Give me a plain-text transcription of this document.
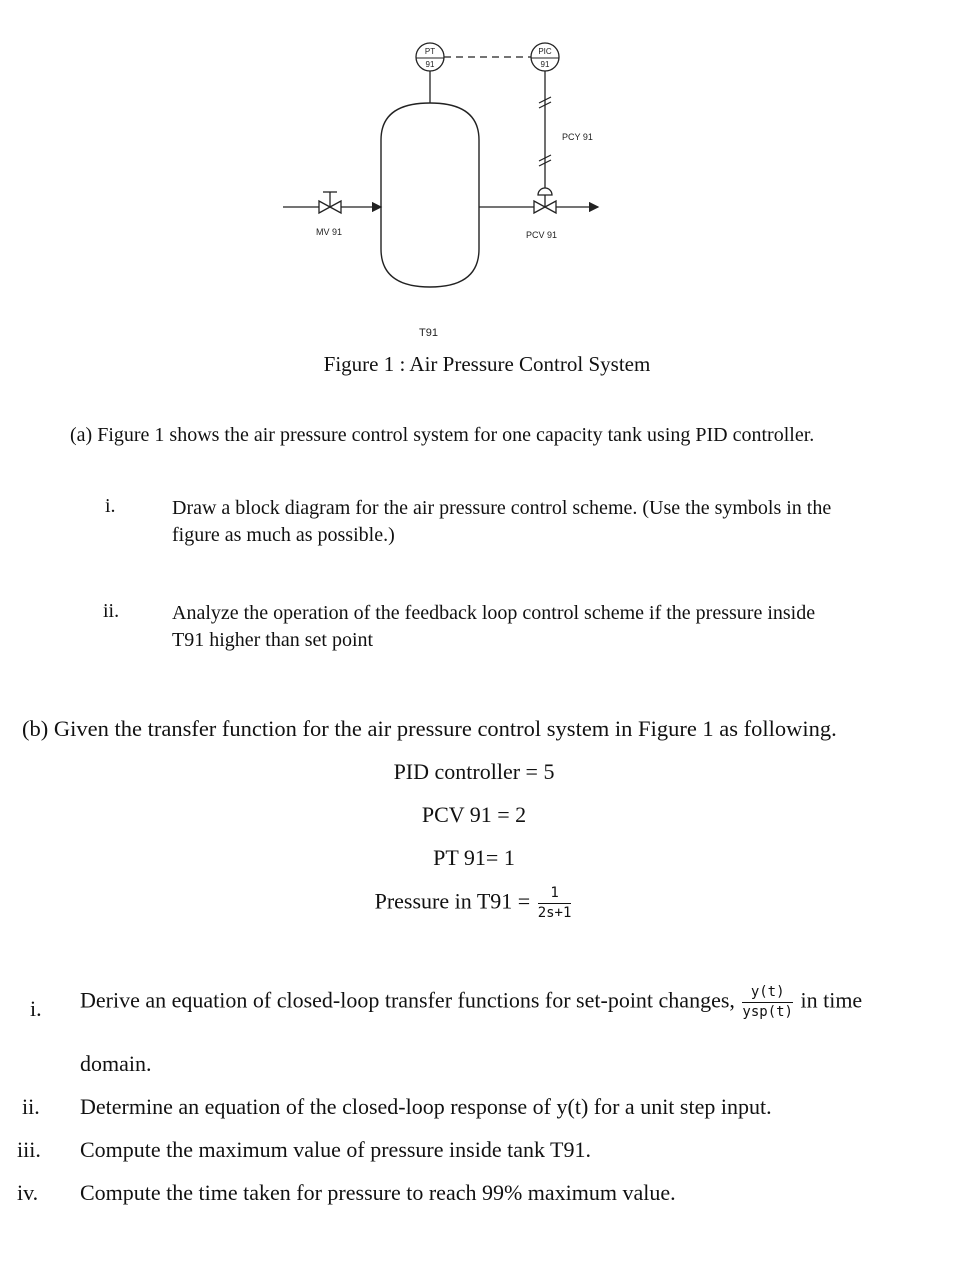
PT
91
PIC
91
PCY 91
MV 91	PCV 91
T91
Figure 1 : Air Pressure Control System
(a) Figure 1 shows the air pressure control system for one capacity tank using PID controller.
i.	Draw a block diagram for the air pressure control scheme. (Use the symbols in the
figure as much as possible.)
ii.	Analyze the operation of the feedback loop control scheme if the pressure inside
T91 higher than set point
(b) Given the transfer function for the air pressure control system in Figure 1 as following.
PID controller = 5
PCV 91 = 2
PT 91= 1
Pressure in $T91 = \frac{1}{2s+1}$
i. Derive an equation of closed-loop transfer functions for set-point changes, $\frac{y(t)}{\text{ysp(t)}}$ in time
domain.
ii. Determine an equation of the closed-loop response of y(t) for a unit step input.
iii. Compute the maximum value of pressure inside tank T91.
iv. Compute the time taken for pressure to reach 99% maximum value.
